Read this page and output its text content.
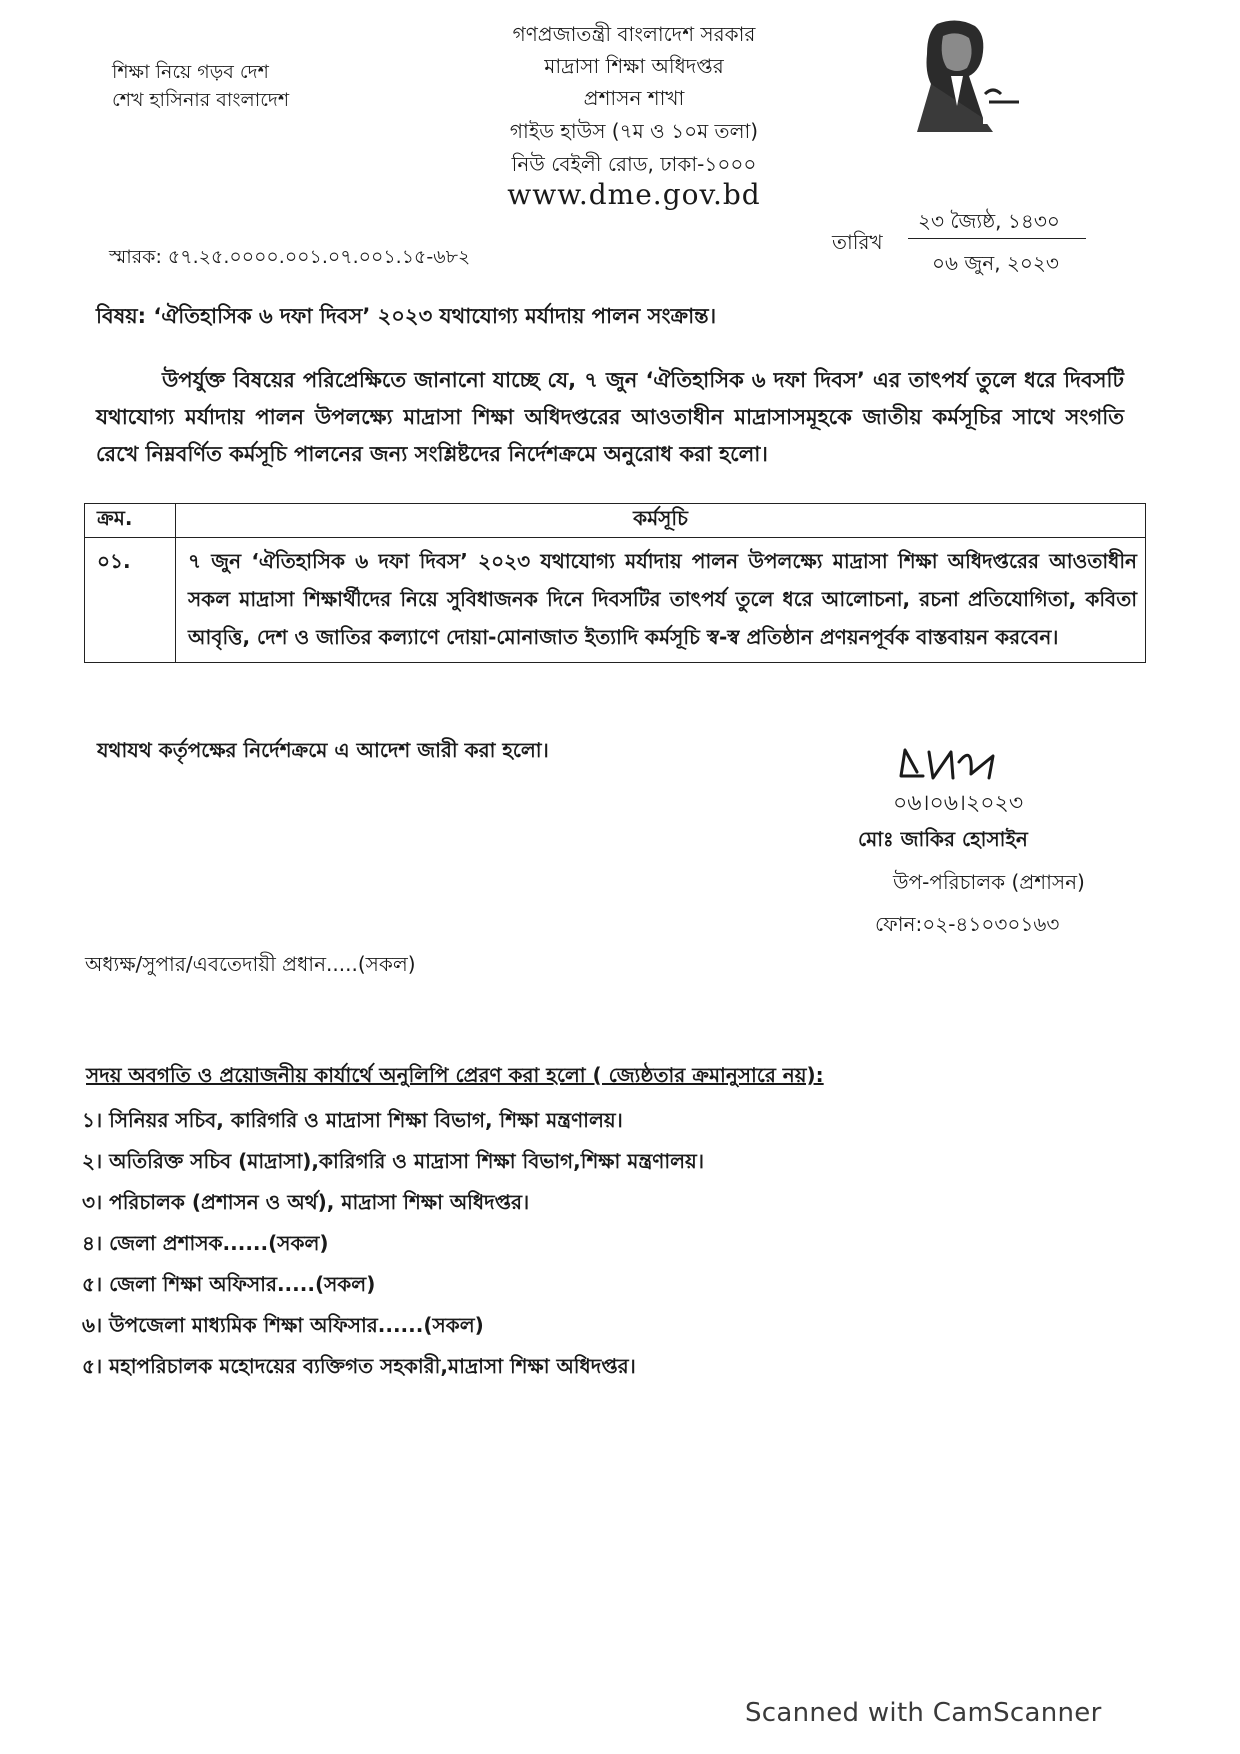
শিক্ষা নিয়ে গড়ব দেশ
শেখ হাসিনার বাংলাদেশ
গণপ্রজাতন্ত্রী বাংলাদেশ সরকার
মাদ্রাসা শিক্ষা অধিদপ্তর
প্রশাসন শাখা
গাইড হাউস (৭ম ও ১০ম তলা)
নিউ বেইলী রোড, ঢাকা-১০০০
www.dme.gov.bd
স্মারক: ৫৭.২৫.০০০০.০০১.০৭.০০১.১৫-৬৮২
তারিখ
২৩ জ্যৈষ্ঠ, ১৪৩০
০৬ জুন, ২০২৩
বিষয়: ‘ঐতিহাসিক ৬ দফা দিবস’ ২০২৩ যথাযোগ্য মর্যাদায় পালন সংক্রান্ত।
উপর্যুক্ত বিষয়ের পরিপ্রেক্ষিতে জানানো যাচ্ছে যে, ৭ জুন ‘ঐতিহাসিক ৬ দফা দিবস’ এর তাৎপর্য তুলে ধরে দিবসটি যথাযোগ্য মর্যাদায় পালন উপলক্ষ্যে মাদ্রাসা শিক্ষা অধিদপ্তরের আওতাধীন মাদ্রাসাসমূহকে জাতীয় কর্মসূচির সাথে সংগতি রেখে নিম্নবর্ণিত কর্মসূচি পালনের জন্য সংশ্লিষ্টদের নির্দেশক্রমে অনুরোধ করা হলো।
ক্রম.	কর্মসূচি
০১.	৭ জুন ‘ঐতিহাসিক ৬ দফা দিবস’ ২০২৩ যথাযোগ্য মর্যাদায় পালন উপলক্ষ্যে মাদ্রাসা শিক্ষা অধিদপ্তরের আওতাধীন সকল মাদ্রাসা শিক্ষার্থীদের নিয়ে সুবিধাজনক দিনে দিবসটির তাৎপর্য তুলে ধরে আলোচনা, রচনা প্রতিযোগিতা, কবিতা আবৃত্তি, দেশ ও জাতির কল্যাণে দোয়া-মোনাজাত ইত্যাদি কর্মসূচি স্ব-স্ব প্রতিষ্ঠান প্রণয়নপূর্বক বাস্তবায়ন করবেন।
যথাযথ কর্তৃপক্ষের নির্দেশক্রমে এ আদেশ জারী করা হলো।
০৬।০৬।২০২৩
মোঃ জাকির হোসাইন
উপ-পরিচালক (প্রশাসন)
ফোন:০২-৪১০৩০১৬৩
অধ্যক্ষ/সুপার/এবতেদায়ী প্রধান.....(সকল)
সদয় অবগতি ও প্রয়োজনীয় কার্যার্থে অনুলিপি প্রেরণ করা হলো ( জ্যেষ্ঠতার ক্রমানুসারে নয়):
১। সিনিয়র সচিব, কারিগরি ও মাদ্রাসা শিক্ষা বিভাগ, শিক্ষা মন্ত্রণালয়।
২। অতিরিক্ত সচিব (মাদ্রাসা),কারিগরি ও মাদ্রাসা শিক্ষা বিভাগ,শিক্ষা মন্ত্রণালয়।
৩। পরিচালক (প্রশাসন ও অর্থ), মাদ্রাসা শিক্ষা অধিদপ্তর।
৪। জেলা প্রশাসক......(সকল)
৫। জেলা শিক্ষা অফিসার.....(সকল)
৬। উপজেলা মাধ্যমিক শিক্ষা অফিসার......(সকল)
৫। মহাপরিচালক মহোদয়ের ব্যক্তিগত সহকারী,মাদ্রাসা শিক্ষা অধিদপ্তর।
Scanned with CamScanner
